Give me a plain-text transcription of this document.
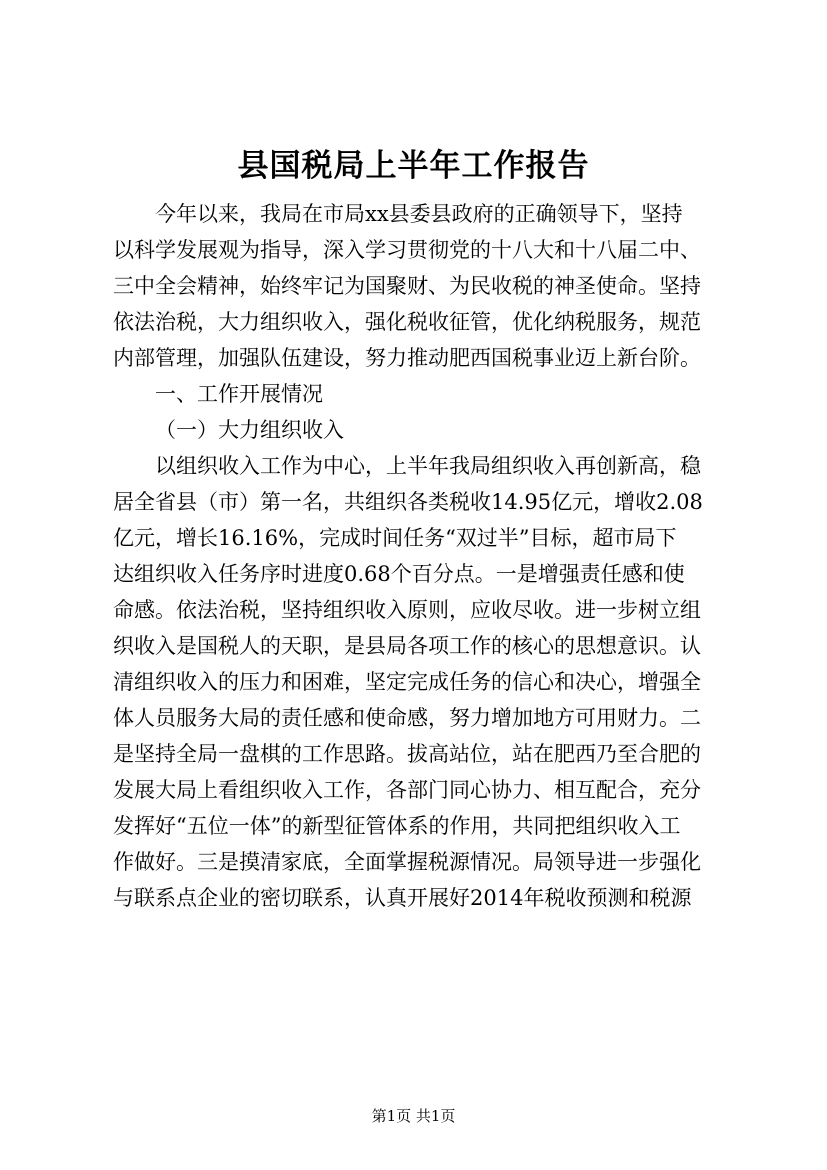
县国税局上半年工作报告
今年以来，我局在市局xx县委县政府的正确领导下，坚持
以科学发展观为指导，深入学习贯彻党的十八大和十八届二中、
三中全会精神，始终牢记为国聚财、为民收税的神圣使命。坚持
依法治税，大力组织收入，强化税收征管，优化纳税服务，规范
内部管理，加强队伍建设，努力推动肥西国税事业迈上新台阶。
一、工作开展情况
（一）大力组织收入
以组织收入工作为中心，上半年我局组织收入再创新高，稳
居全省县（市）第一名，共组织各类税收14.95亿元，增收2.08
亿元，增长16.16%，完成时间任务“双过半”目标，超市局下
达组织收入任务序时进度0.68个百分点。一是增强责任感和使
命感。依法治税，坚持组织收入原则，应收尽收。进一步树立组
织收入是国税人的天职，是县局各项工作的核心的思想意识。认
清组织收入的压力和困难，坚定完成任务的信心和决心，增强全
体人员服务大局的责任感和使命感，努力增加地方可用财力。二
是坚持全局一盘棋的工作思路。拔高站位，站在肥西乃至合肥的
发展大局上看组织收入工作，各部门同心协力、相互配合，充分
发挥好“五位一体”的新型征管体系的作用，共同把组织收入工
作做好。三是摸清家底，全面掌握税源情况。局领导进一步强化
与联系点企业的密切联系，认真开展好2014年税收预测和税源
第1页 共1页
